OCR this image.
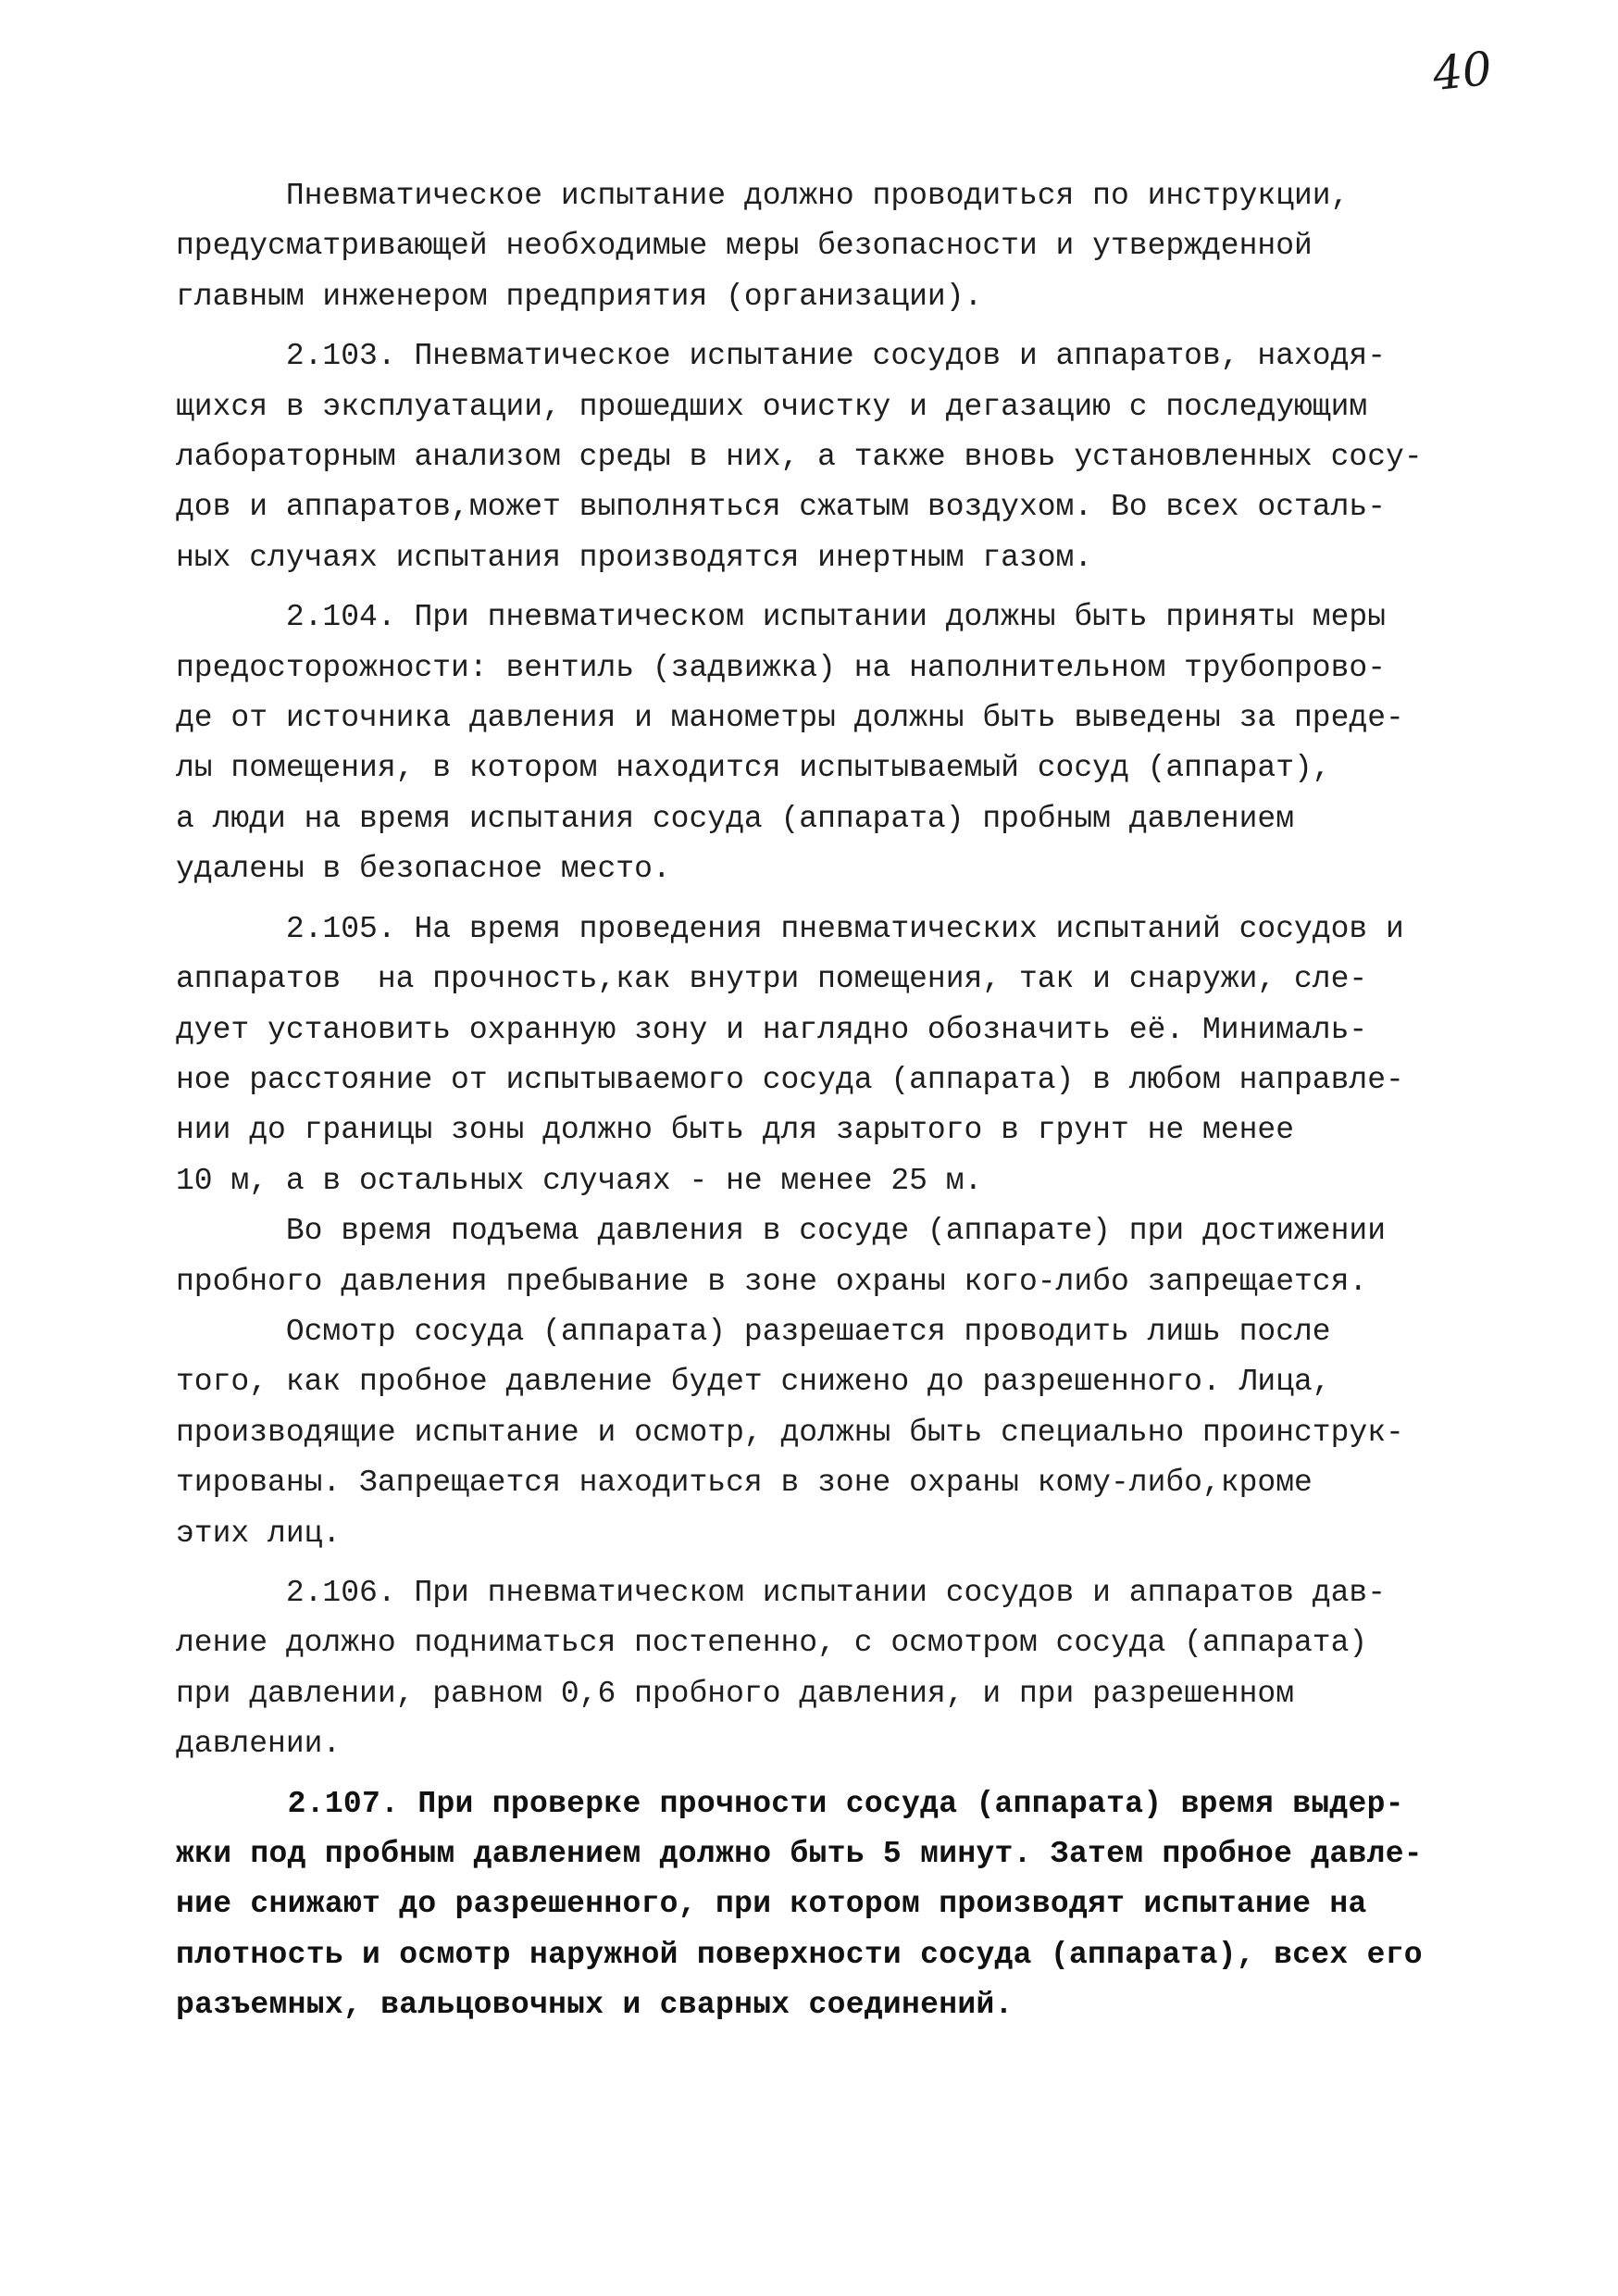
40
Пневматическое испытание должно проводиться по инструкции,
предусматривающей необходимые меры безопасности и утвержденной
главным инженером предприятия (организации).
2.103. Пневматическое испытание сосудов и аппаратов, находя-
щихся в эксплуатации, прошедших очистку и дегазацию с последующим
лабораторным анализом среды в них, а также вновь установленных сосу-
дов и аппаратов,может выполняться сжатым воздухом. Во всех осталь-
ных случаях испытания производятся инертным газом.
2.104. При пневматическом испытании должны быть приняты меры
предосторожности: вентиль (задвижка) на наполнительном трубопрово-
де от источника давления и манометры должны быть выведены за преде-
лы помещения, в котором находится испытываемый сосуд (аппарат),
а люди на время испытания сосуда (аппарата) пробным давлением
удалены в безопасное место.
2.105. На время проведения пневматических испытаний сосудов и
аппаратов  на прочность,как внутри помещения, так и снаружи, сле-
дует установить охранную зону и наглядно обозначить её. Минималь-
ное расстояние от испытываемого сосуда (аппарата) в любом направле-
нии до границы зоны должно быть для зарытого в грунт не менее
10 м, а в остальных случаях - не менее 25 м.
Во время подъема давления в сосуде (аппарате) при достижении
пробного давления пребывание в зоне охраны кого-либо запрещается.
Осмотр сосуда (аппарата) разрешается проводить лишь после
того, как пробное давление будет снижено до разрешенного. Лица,
производящие испытание и осмотр, должны быть специально проинструк-
тированы. Запрещается находиться в зоне охраны кому-либо,кроме
этих лиц.
2.106. При пневматическом испытании сосудов и аппаратов дав-
ление должно подниматься постепенно, с осмотром сосуда (аппарата)
при давлении, равном 0,6 пробного давления, и при разрешенном
давлении.
2.107. При проверке прочности сосуда (аппарата) время выдер-
жки под пробным давлением должно быть 5 минут. Затем пробное давле-
ние снижают до разрешенного, при котором производят испытание на
плотность и осмотр наружной поверхности сосуда (аппарата), всех его
разъемных, вальцовочных и сварных соединений.
